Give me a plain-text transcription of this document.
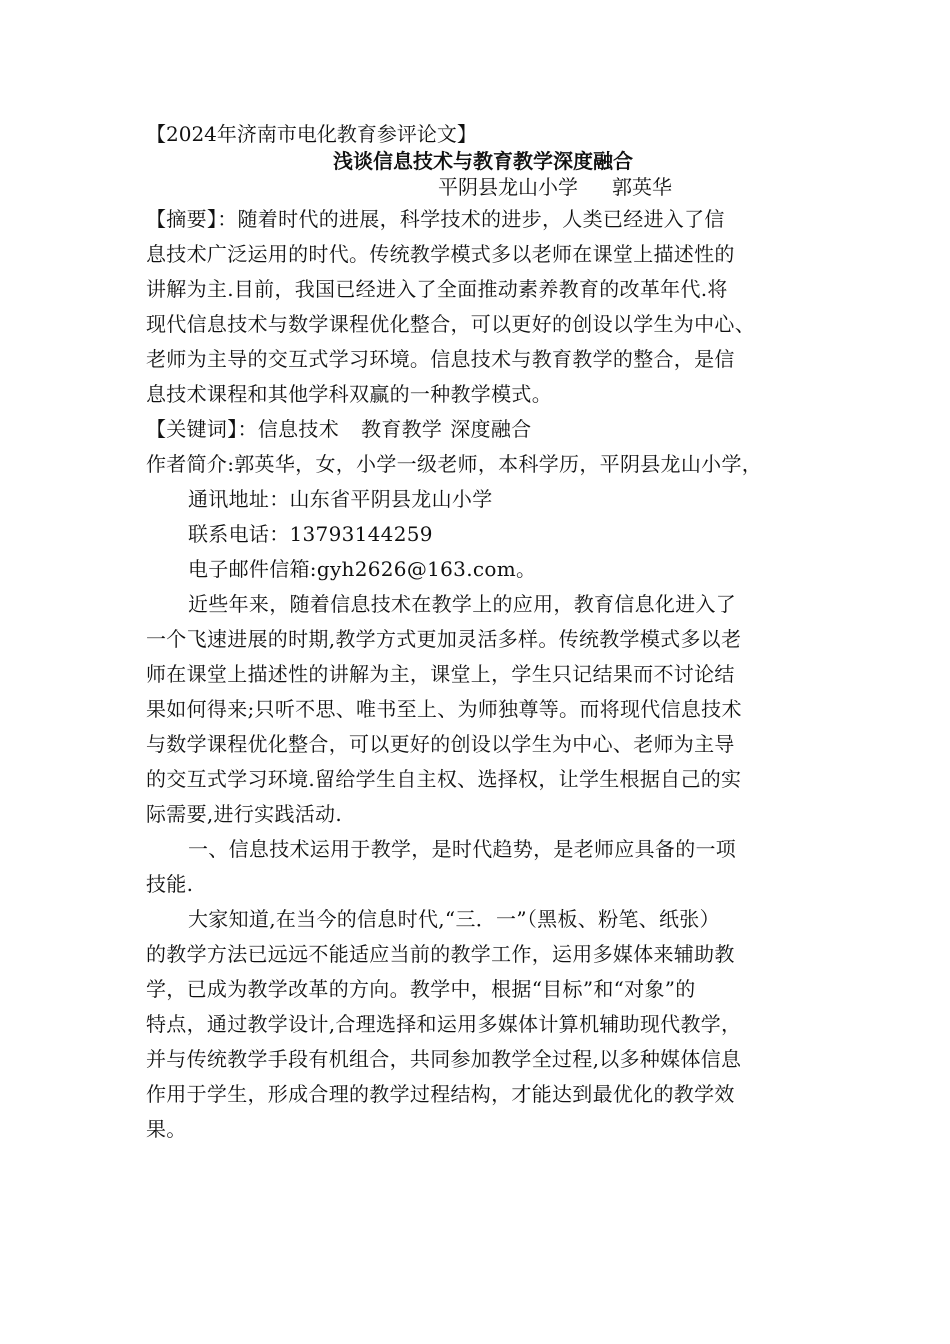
【2024年济南市电化教育参评论文】
浅谈信息技术与教育教学深度融合
平阴县龙山小学 郭英华
【摘要】：随着时代的进展，科学技术的进步，人类已经进入了信
息技术广泛运用的时代。传统教学模式多以老师在课堂上描述性的
讲解为主.目前，我国已经进入了全面推动素养教育的改革年代.将
现代信息技术与数学课程优化整合，可以更好的创设以学生为中心、
老师为主导的交互式学习环境。信息技术与教育教学的整合，是信
息技术课程和其他学科双赢的一种教学模式。
【关键词】：信息技术 教育教学 深度融合
作者简介:郭英华，女，小学一级老师，本科学历，平阴县龙山小学，
通讯地址：山东省平阴县龙山小学
联系电话：13793144259
电子邮件信箱:gyh2626@163.com。
近些年来，随着信息技术在教学上的应用，教育信息化进入了
一个飞速进展的时期,教学方式更加灵活多样。传统教学模式多以老
师在课堂上描述性的讲解为主，课堂上，学生只记结果而不讨论结
果如何得来;只听不思、唯书至上、为师独尊等。而将现代信息技术
与数学课程优化整合，可以更好的创设以学生为中心、老师为主导
的交互式学习环境.留给学生自主权、选择权，让学生根据自己的实
际需要,进行实践活动.
一、信息技术运用于教学，是时代趋势，是老师应具备的一项
技能.
大家知道,在当今的信息时代,“三．一”（黑板、粉笔、纸张）
的教学方法已远远不能适应当前的教学工作，运用多媒体来辅助教
学，已成为教学改革的方向。教学中，根据“目标”和“对象”的
特点，通过教学设计,合理选择和运用多媒体计算机辅助现代教学，
并与传统教学手段有机组合，共同参加教学全过程,以多种媒体信息
作用于学生，形成合理的教学过程结构，才能达到最优化的教学效
果。
